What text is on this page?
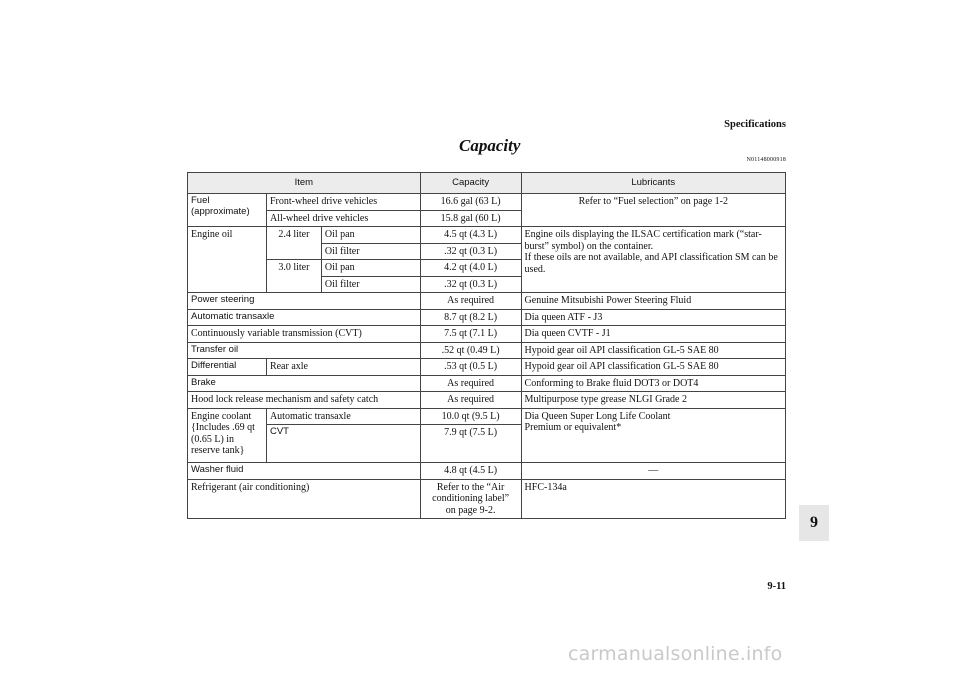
Specifications
Capacity
N01148000918
Item			Capacity	Lubricants
Fuel (approximate)	Front-wheel drive vehicles		16.6 gal (63 L)	Refer to “Fuel selection” on page 1-2
	All-wheel drive vehicles		15.8 gal (60 L)	
Engine oil	2.4 liter	Oil pan	4.5 qt (4.3 L)	Engine oils displaying the ILSAC certification mark (“star-burst” symbol) on the container.
If these oils are not available, and API classification SM can be used.
		Oil filter	.32 qt (0.3 L)	
	3.0 liter	Oil pan	4.2 qt (4.0 L)	
		Oil filter	.32 qt (0.3 L)	
Power steering			As required	Genuine Mitsubishi Power Steering Fluid
Automatic transaxle			8.7 qt (8.2 L)	Dia queen ATF - J3
Continuously variable transmission (CVT)			7.5 qt (7.1 L)	Dia queen CVTF - J1
Transfer oil			.52 qt (0.49 L)	Hypoid gear oil API classification GL-5 SAE 80
Differential	Rear axle		.53 qt (0.5 L)	Hypoid gear oil API classification GL-5 SAE 80
Brake			As required	Conforming to Brake fluid DOT3 or DOT4
Hood lock release mechanism and safety catch			As required	Multipurpose type grease NLGI Grade 2
Engine coolant {Includes .69 qt (0.65 L) in reserve tank}	Automatic transaxle		10.0 qt (9.5 L)	Dia Queen Super Long Life Coolant
Premium or equivalent*
	CVT		7.9 qt (7.5 L)	
Washer fluid			4.8 qt (4.5 L)	—
Refrigerant (air conditioning)			Refer to the “Air conditioning label” on page 9-2.	HFC-134a
9
9-11
carmanualsonline.info
